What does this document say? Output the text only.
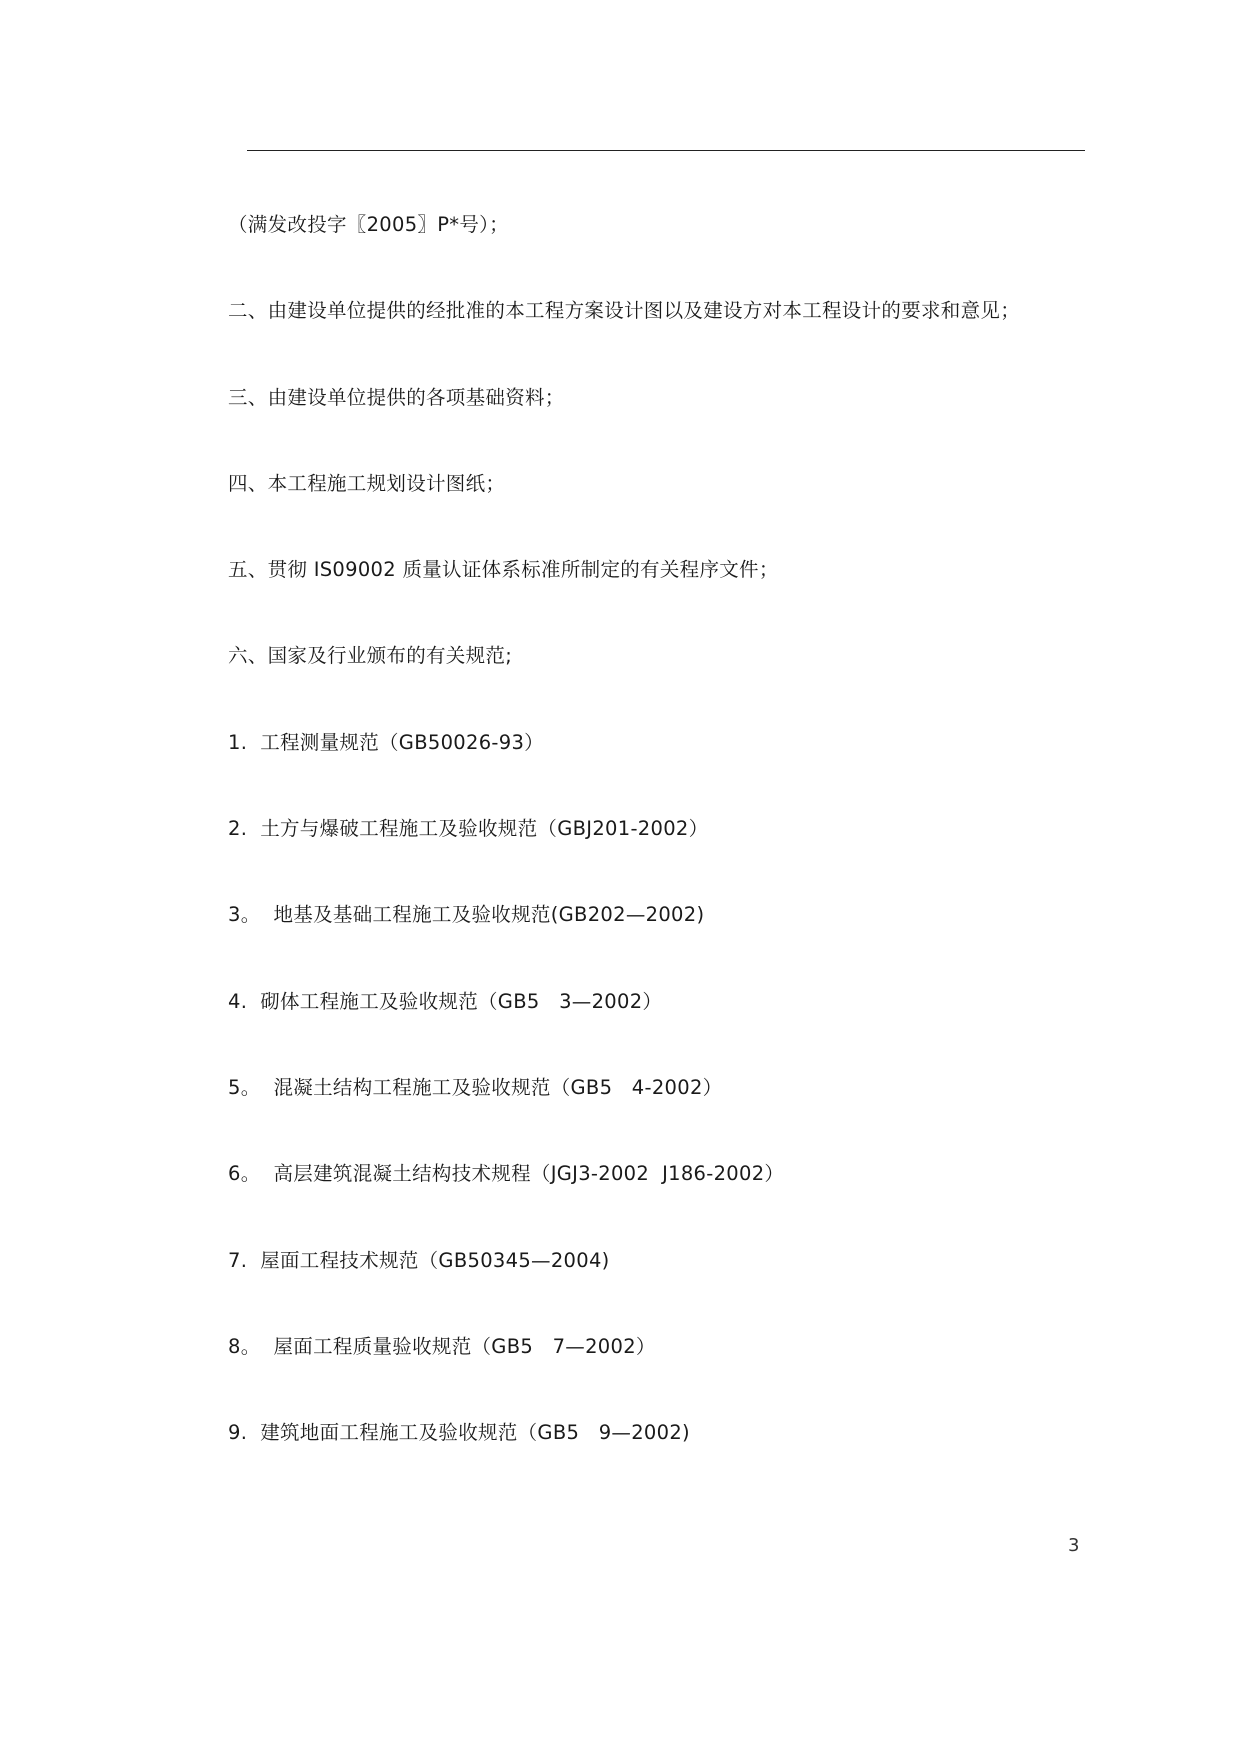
（满发改投字〖2005〗P*号）；
二、由建设单位提供的经批准的本工程方案设计图以及建设方对本工程设计的要求和意见；
三、由建设单位提供的各项基础资料；
四、本工程施工规划设计图纸；
五、贯彻 IS09002 质量认证体系标准所制定的有关程序文件；
六、国家及行业颁布的有关规范;
1.  工程测量规范（GB50026-93）
2.  土方与爆破工程施工及验收规范（GBJ201-2002）
3。  地基及基础工程施工及验收规范(GB202—2002)
4.  砌体工程施工及验收规范（GB5   3—2002）
5。  混凝土结构工程施工及验收规范（GB5   4-2002）
6。  高层建筑混凝土结构技术规程（JGJ3-2002  J186-2002）
7.  屋面工程技术规范（GB50345—2004)
8。  屋面工程质量验收规范（GB5   7—2002）
9.  建筑地面工程施工及验收规范（GB5   9—2002)
3
